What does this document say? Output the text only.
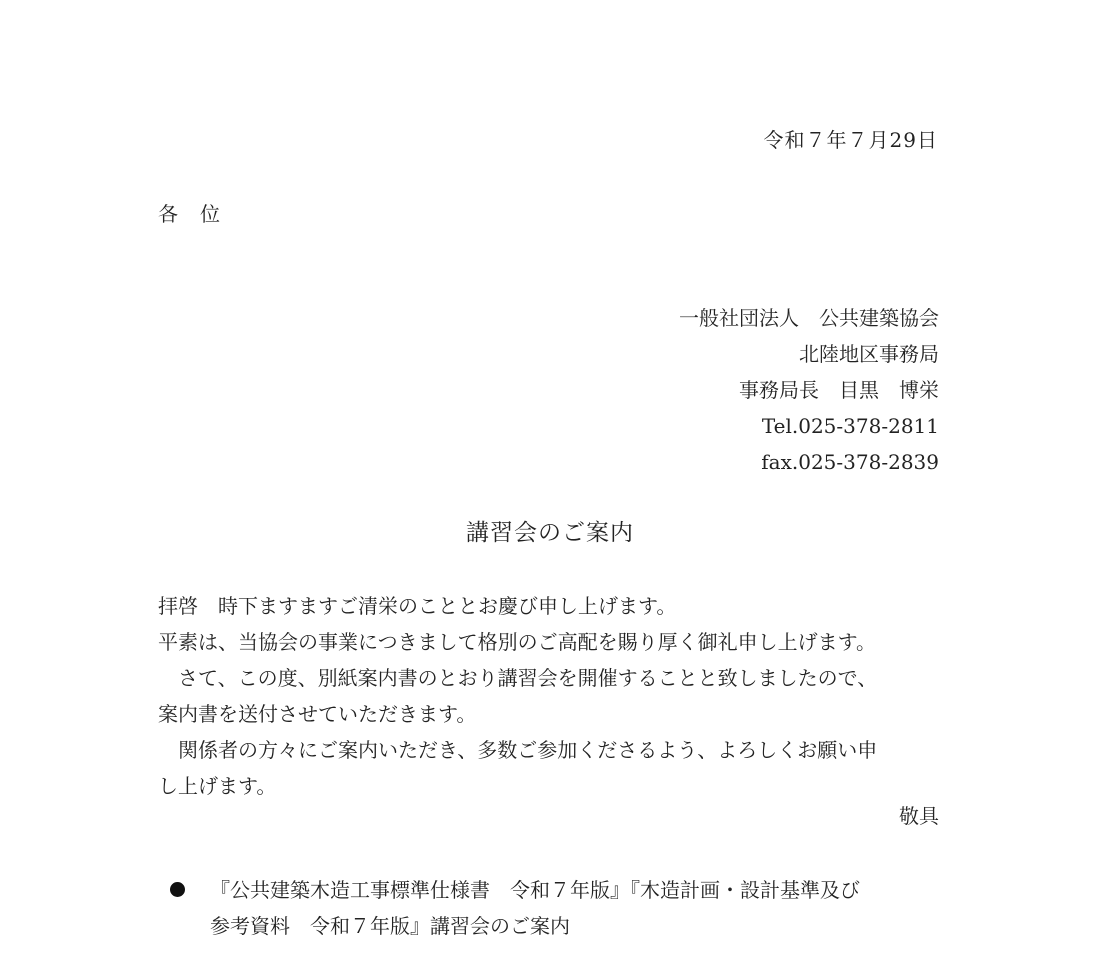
令和７年７月29日
各　位
一般社団法人　公共建築協会
北陸地区事務局
事務局長　目黒　博栄
Tel.025-378-2811
fax.025-378-2839
講習会のご案内
拝啓　時下ますますご清栄のこととお慶び申し上げます。
平素は、当協会の事業につきまして格別のご高配を賜り厚く御礼申し上げます。
　さて、この度、別紙案内書のとおり講習会を開催することと致しましたので、
案内書を送付させていただきます。
　関係者の方々にご案内いただき、多数ご参加くださるよう、よろしくお願い申
し上げます。
敬具
『公共建築木造工事標準仕様書　令和７年版』『木造計画・設計基準及び
参考資料　令和７年版』講習会のご案内
